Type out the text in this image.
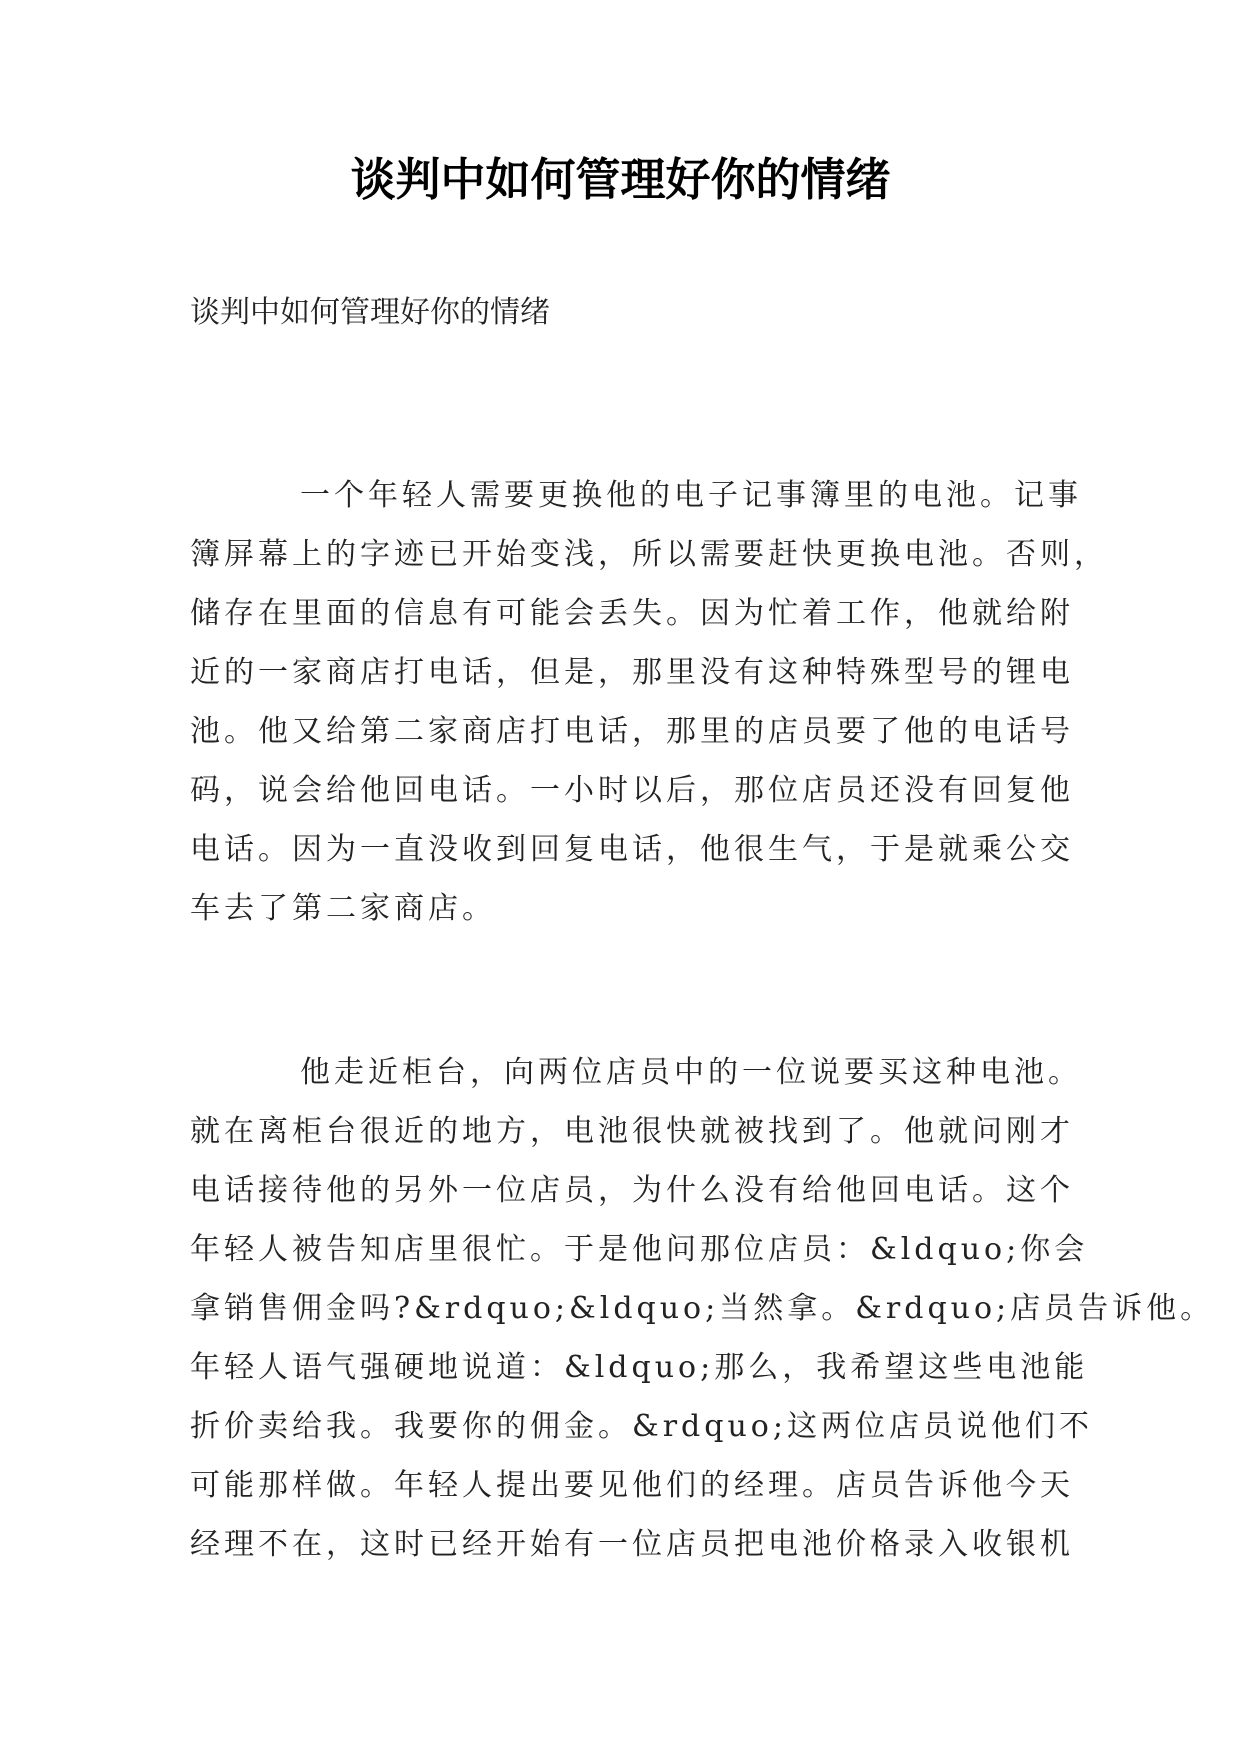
谈判中如何管理好你的情绪

谈判中如何管理好你的情绪

一个年轻人需要更换他的电子记事簿里的电池。记事
簿屏幕上的字迹已开始变浅，所以需要赶快更换电池。否则，
储存在里面的信息有可能会丢失。因为忙着工作，他就给附
近的一家商店打电话，但是，那里没有这种特殊型号的锂电
池。他又给第二家商店打电话，那里的店员要了他的电话号
码，说会给他回电话。一小时以后，那位店员还没有回复他
电话。因为一直没收到回复电话，他很生气，于是就乘公交
车去了第二家商店。
他走近柜台，向两位店员中的一位说要买这种电池。
就在离柜台很近的地方，电池很快就被找到了。他就问刚才
电话接待他的另外一位店员，为什么没有给他回电话。这个
年轻人被告知店里很忙。于是他问那位店员：&ldquo;你会
拿销售佣金吗?&rdquo;&ldquo;当然拿。&rdquo;店员告诉他。
年轻人语气强硬地说道：&ldquo;那么，我希望这些电池能
折价卖给我。我要你的佣金。&rdquo;这两位店员说他们不
可能那样做。年轻人提出要见他们的经理。店员告诉他今天
经理不在，这时已经开始有一位店员把电池价格录入收银机
